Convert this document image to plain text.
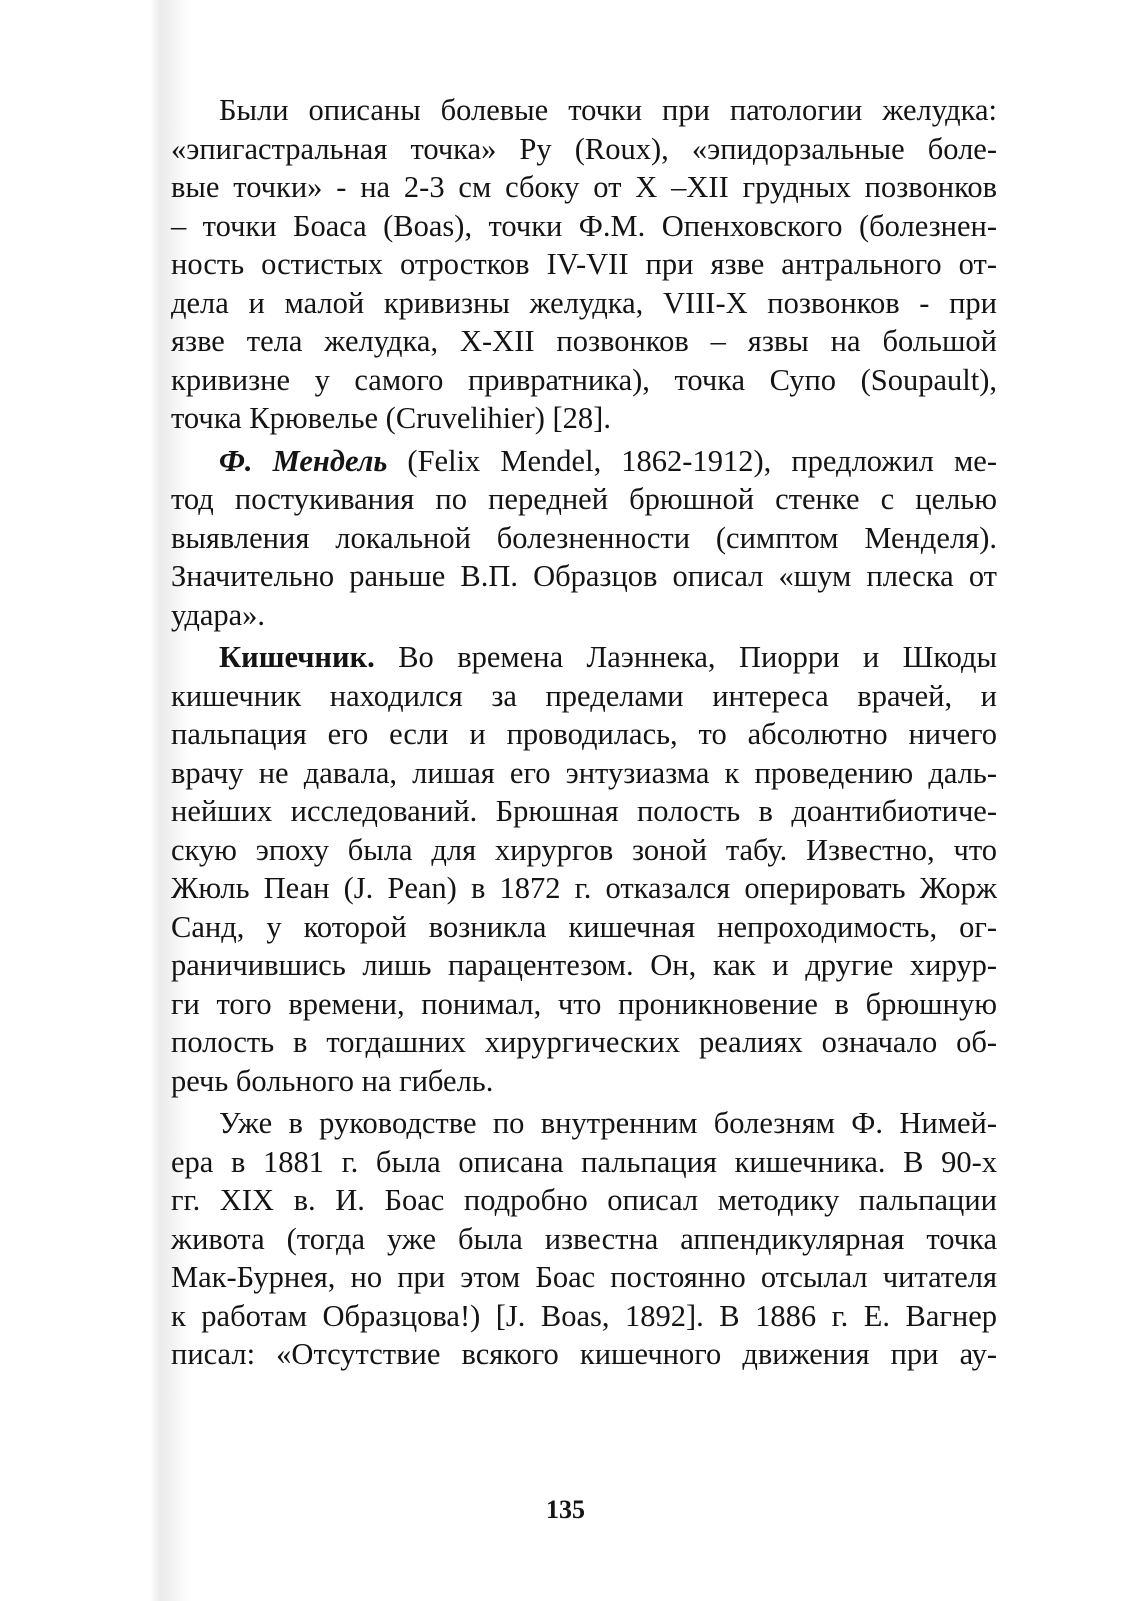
Были описаны болевые точки при патологии желудка:
«эпигастральная точка» Ру (Roux), «эпидорзальные боле-
вые точки» - на 2-3 см сбоку от X –XII грудных позвонков
– точки Боаса (Boas), точки Ф.М. Опенховского (болезнен-
ность остистых отростков IV-VII при язве антрального от-
дела и малой кривизны желудка, VIII-X позвонков - при
язве тела желудка, X-XII позвонков – язвы на большой
кривизне у самого привратника), точка Супо (Soupault),
точка Крювелье (Cruvelihier) [28].
Ф. Мендель (Felix Mendel, 1862-1912), предложил ме-
тод постукивания по передней брюшной стенке с целью
выявления локальной болезненности (симптом Менделя).
Значительно раньше В.П. Образцов описал «шум плеска от
удара».
Кишечник. Во времена Лаэннека, Пиорри и Шкоды
кишечник находился за пределами интереса врачей, и
пальпация его если и проводилась, то абсолютно ничего
врачу не давала, лишая его энтузиазма к проведению даль-
нейших исследований. Брюшная полость в доантибиотиче-
скую эпоху была для хирургов зоной табу. Известно, что
Жюль Пеан (J. Pean) в 1872 г. отказался оперировать Жорж
Санд, у которой возникла кишечная непроходимость, ог-
раничившись лишь парацентезом. Он, как и другие хирур-
ги того времени, понимал, что проникновение в брюшную
полость в тогдашних хирургических реалиях означало об-
речь больного на гибель.
Уже в руководстве по внутренним болезням Ф. Нимей-
ера в 1881 г. была описана пальпация кишечника. В 90-х
гг. XIX в. И. Боас подробно описал методику пальпации
живота (тогда уже была известна аппендикулярная точка
Мак-Бурнея, но при этом Боас постоянно отсылал читателя
к работам Образцова!) [J. Boas, 1892]. В 1886 г. Е. Вагнер
писал: «Отсутствие всякого кишечного движения при ау-
135
